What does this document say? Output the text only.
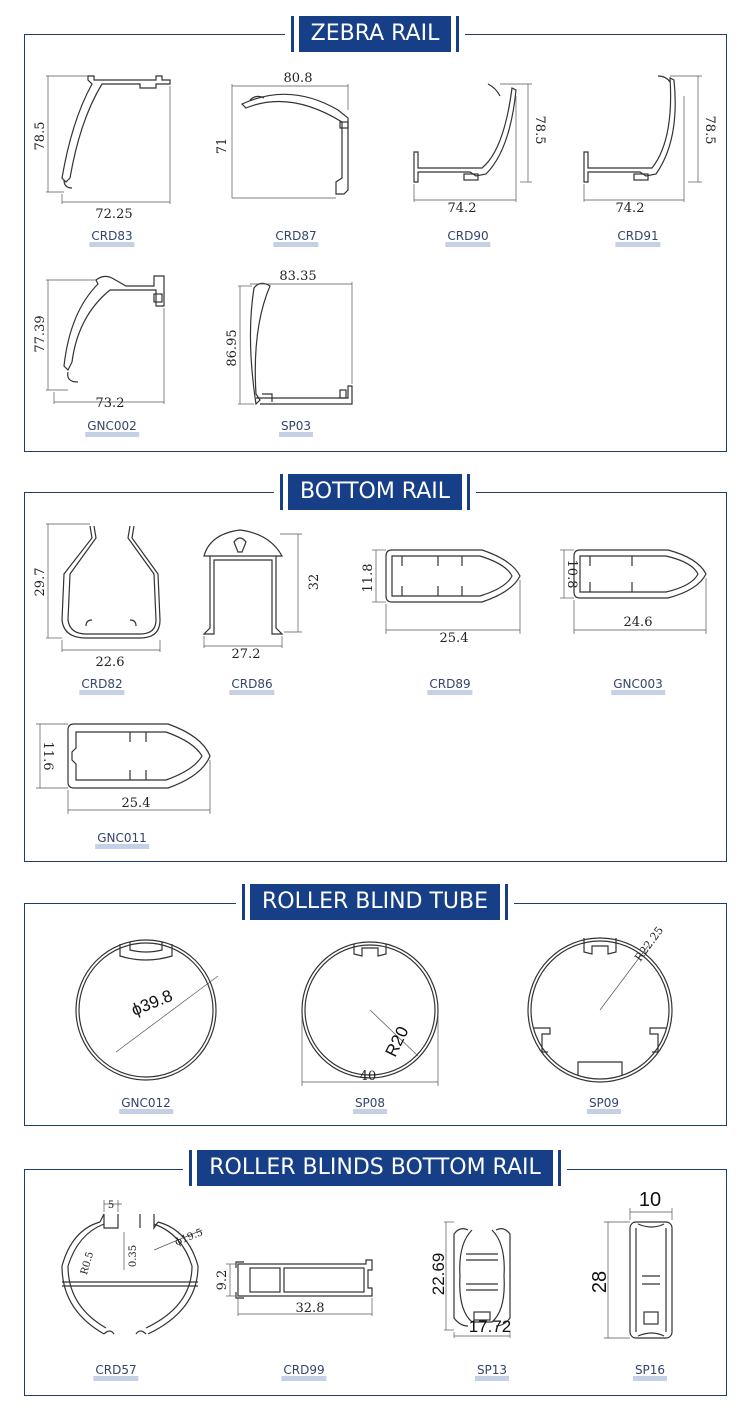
ZEBRA RAIL
78.5
72.25
CRD83
80.8
71
CRD87
78.5
74.2
CRD90
78.5
74.2
CRD91
77.39
73.2
GNC002
83.35
86.95
SP03
BOTTOM RAIL
29.7
22.6
CRD82
32
27.2
CRD86
11.8
25.4
CRD89
10.8
24.6
GNC003
11.6
25.4
GNC011
ROLLER BLIND TUBE
ϕ39.8
GNC012
R20
40
SP08
R22.25
SP09
ROLLER BLINDS BOTTOM RAIL
5
R0.5	0.35
ϕ19.5
CRD57
9.2
32.8
CRD99
22.69
17.72
SP13
10
28
SP16
